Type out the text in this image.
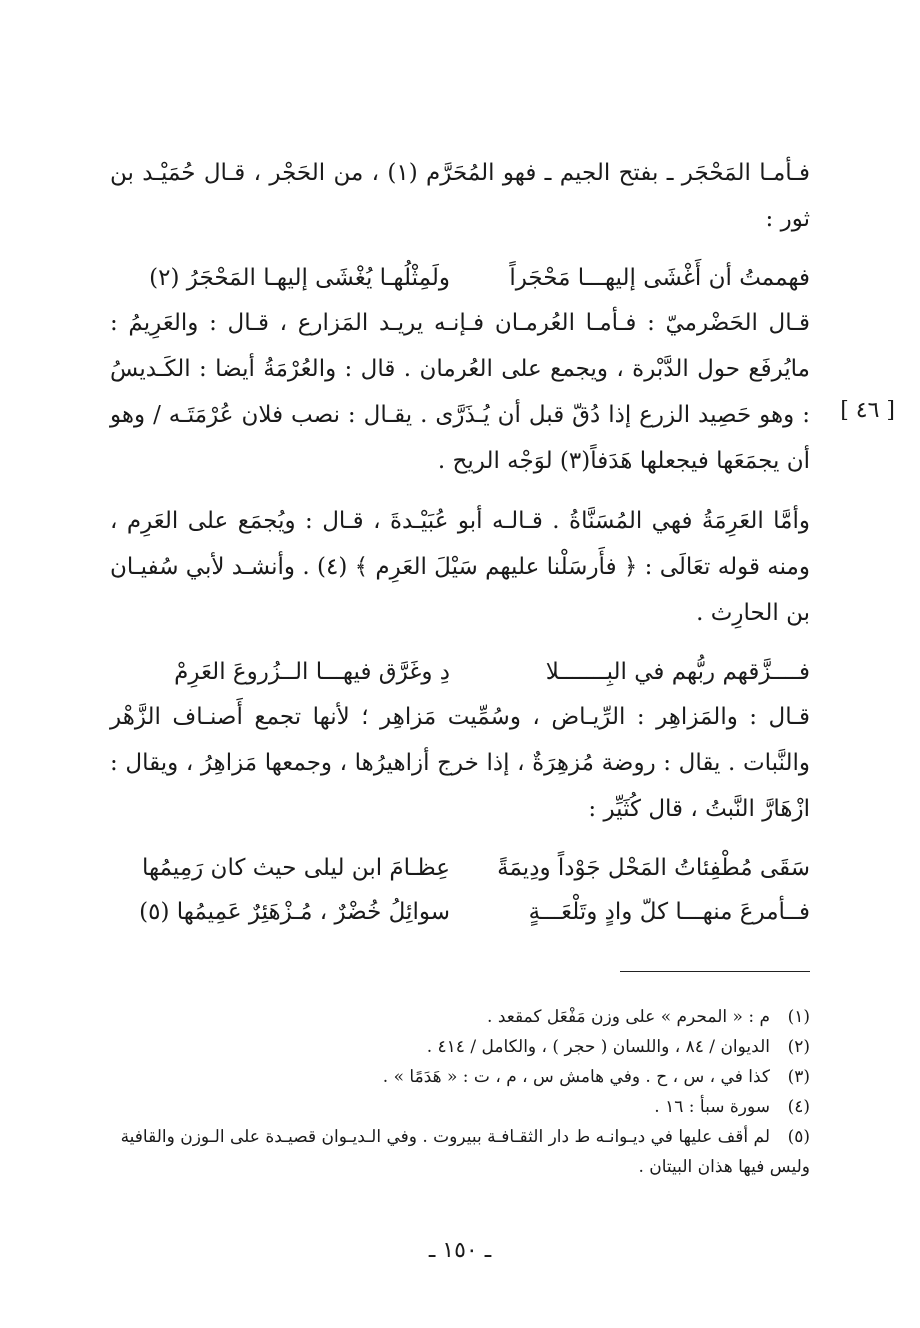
فـأمـا المَحْجَر ـ بفتح الجيم ـ فهو المُحَرَّم (١) ، من الحَجْر ، قـال حُمَيْـد بن ثور :

فهممتُ أن أَغْشَى إليهـــا مَحْجَراً
ولَمِثْلُهـا يُغْشَى إليهـا المَحْجَرُ (٢)

قـال الحَضْرميّ : فـأمـا العُرمـان فـإنـه يريـد المَزارع ، قـال : والعَرِيمُ : مايُرفَع حول الدَّبْرة ، ويجمع على العُرمان . قال : والعُرْمَةُ أيضا : الكَـديسُ : وهو حَصِيد الزرع إذا دُقّ قبل أن يُـذَرَّى . يقـال : نصب فلان عُرْمَتَـه / وهو أن يجمَعَها فيجعلها هَدَفاً(٣) لوَجْه الريح .

وأمَّا العَرِمَةُ فهي المُسَنَّاةُ . قـالـه أبو عُبَيْـدةَ ، قـال : ويُجمَع على العَرِم ، ومنه قوله تعَالَى : ﴿ فأَرسَلْنا عليهم سَيْلَ العَرِم ﴾ (٤) . وأنشـد لأبي سُفيـان بن الحارِث .

فــــزَّقهم ربُّهم في البِـــــــلا
دِ وغَرَّق فيهـــا الــزُروعَ العَرِمْ

قـال : والمَزاهِر : الرِّيـاض ، وسُمِّيت مَزاهِر ؛ لأنها تجمع أَصنـاف الزَّهْر والنَّبات . يقال : روضة مُزهِرَةٌ ، إذا خرج أزاهيرُها ، وجمعها مَزاهِرُ ، ويقال : ازْهَارَّ النَّبتُ ، قال كُثَيِّر :

سَقَى مُطْفِئاتُ المَحْل جَوْداً ودِيمَةً
عِظـامَ ابن ليلى حيث كان رَمِيمُها
فــأمرعَ منهـــا كلّ وادٍ وتَلْعَـــةٍ
سوائِلُ خُضْرٌ ، مُـزْهَئِرٌ عَمِيمُها (٥)
[ ٤٦ ]

(١)م : « المحرم » على وزن مَفْعَل كمقعد .

(٢)الديوان / ٨٤ ، واللسان ( حجر ) ، والكامل / ٤١٤ .

(٣)كذا في ، س ، ح . وفي هامش س ، م ، ت : « هَدَمًا » .

(٤)سورة سبأ : ١٦ .

(٥)لم أقف عليها في ديـوانـه ط دار الثقـافـة ببيروت . وفي الـديـوان قصيـدة على الـوزن والقافية وليس فيها هذان البيتان .

ـ ١٥٠ ـ
